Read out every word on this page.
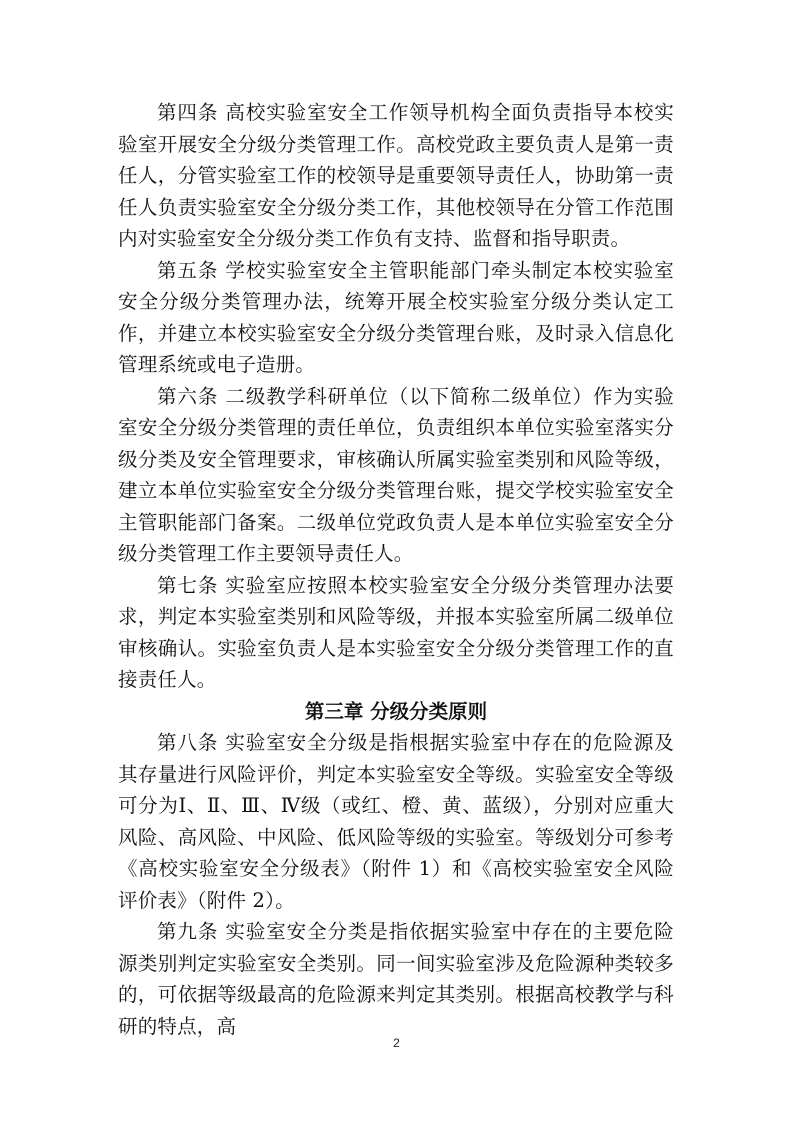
第四条 高校实验室安全工作领导机构全面负责指导本校实验室开展安全分级分类管理工作。高校党政主要负责人是第一责任人，分管实验室工作的校领导是重要领导责任人，协助第一责任人负责实验室安全分级分类工作，其他校领导在分管工作范围内对实验室安全分级分类工作负有支持、监督和指导职责。

第五条 学校实验室安全主管职能部门牵头制定本校实验室安全分级分类管理办法，统筹开展全校实验室分级分类认定工作，并建立本校实验室安全分级分类管理台账，及时录入信息化管理系统或电子造册。

第六条 二级教学科研单位（以下简称二级单位）作为实验室安全分级分类管理的责任单位，负责组织本单位实验室落实分级分类及安全管理要求，审核确认所属实验室类别和风险等级，建立本单位实验室安全分级分类管理台账，提交学校实验室安全主管职能部门备案。二级单位党政负责人是本单位实验室安全分级分类管理工作主要领导责任人。

第七条 实验室应按照本校实验室安全分级分类管理办法要求，判定本实验室类别和风险等级，并报本实验室所属二级单位审核确认。实验室负责人是本实验室安全分级分类管理工作的直接责任人。

第三章 分级分类原则

第八条 实验室安全分级是指根据实验室中存在的危险源及其存量进行风险评价，判定本实验室安全等级。实验室安全等级可分为Ⅰ、Ⅱ、Ⅲ、Ⅳ级（或红、橙、黄、蓝级），分别对应重大风险、高风险、中风险、低风险等级的实验室。等级划分可参考《高校实验室安全分级表》（附件 1）和《高校实验室安全风险评价表》（附件 2）。

第九条 实验室安全分类是指依据实验室中存在的主要危险源类别判定实验室安全类别。同一间实验室涉及危险源种类较多的，可依据等级最高的危险源来判定其类别。根据高校教学与科研的特点，高

2
